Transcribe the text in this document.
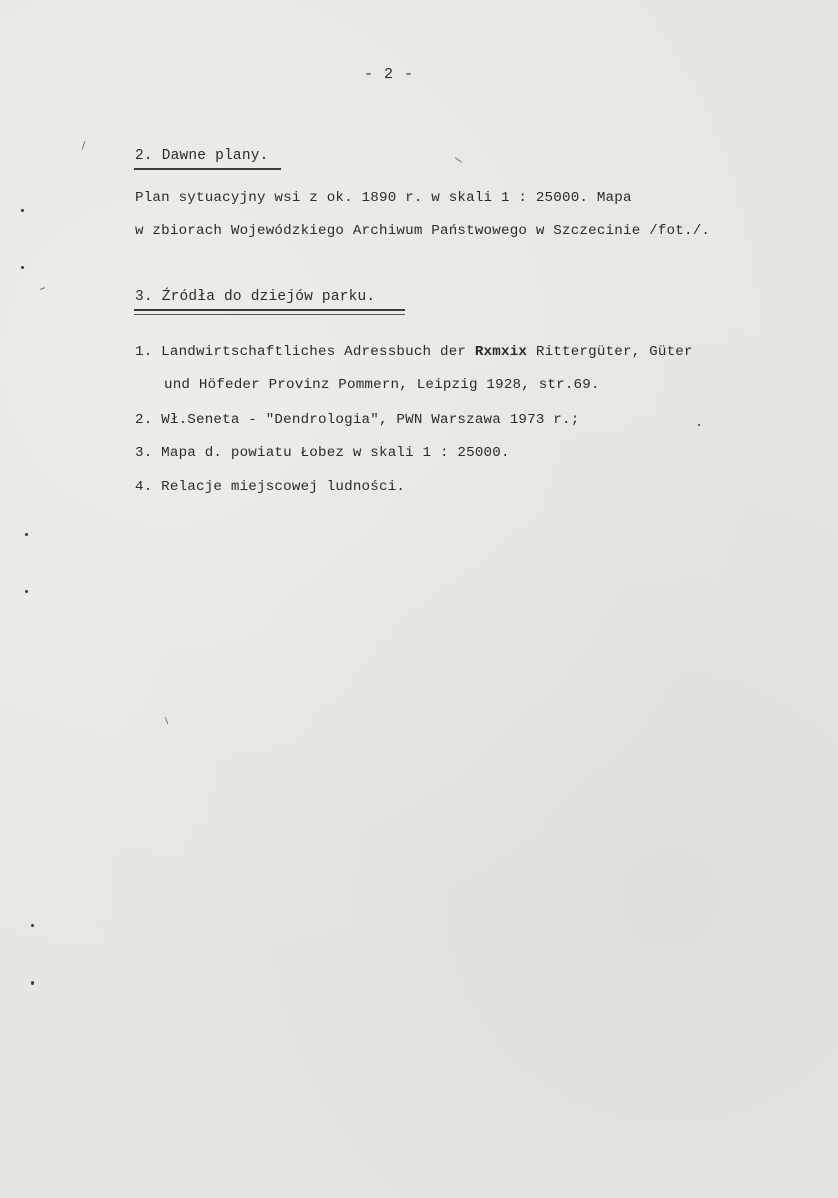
- 2 -
2. Dawne plany.
Plan sytuacyjny wsi z ok. 1890 r. w skali 1 : 25000. Mapa
w zbiorach Wojewódzkiego Archiwum Państwowego w Szczecinie /fot./.
3. Źródła do dziejów parku.
1. Landwirtschaftliches Adressbuch der Rxmxix Rittergüter, Güter
und Höfeder Provinz Pommern, Leipzig 1928, str.69.
2. Wł.Seneta - "Dendrologia", PWN Warszawa 1973 r.;
3. Mapa d. powiatu Łobez w skali 1 : 25000.
4. Relacje miejscowej ludności.
